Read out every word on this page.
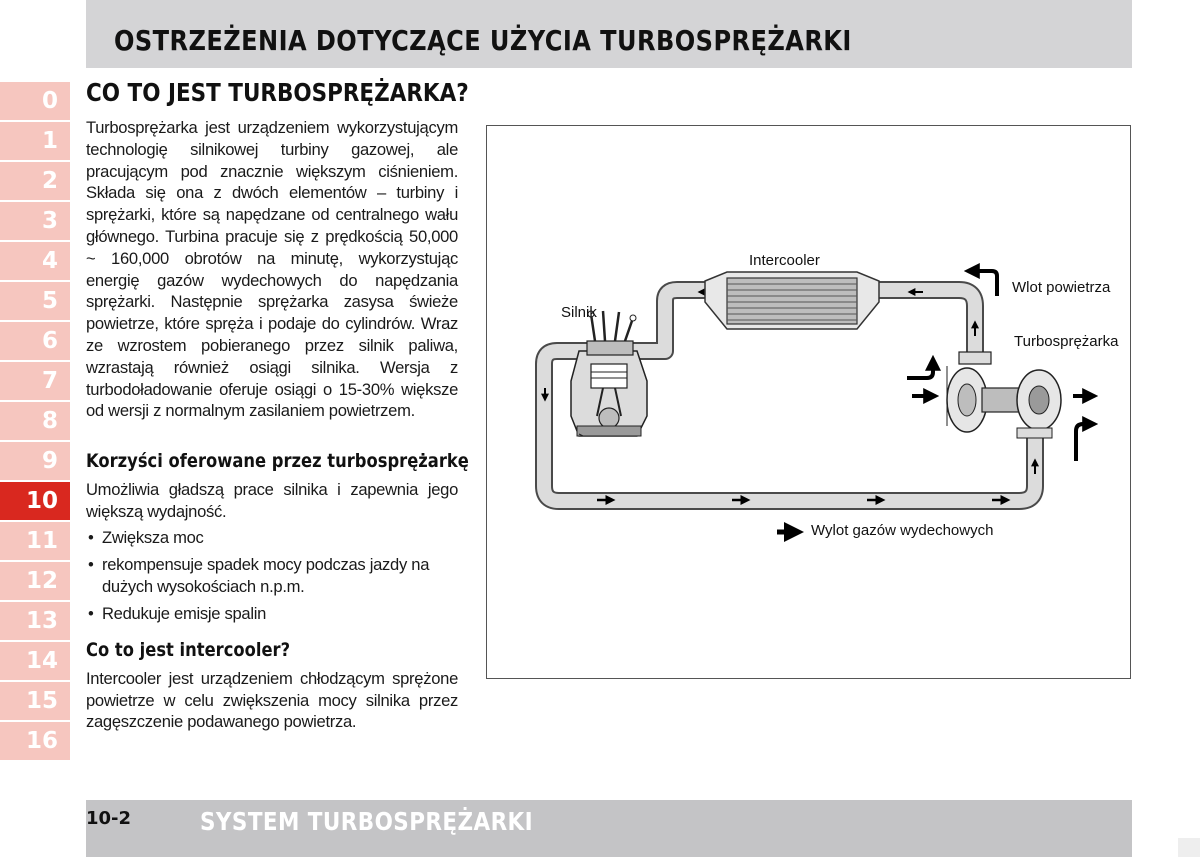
OSTRZEŻENIA DOTYCZĄCE UŻYCIA TURBOSPRĘŻARKI
0
1
2
3
4
5
6
7
8
9
10
11
12
13
14
15
16
CO TO JEST TURBOSPRĘŻARKA?

Turbosprężarka jest urządzeniem wykorzystującym technologię silnikowej turbiny gazowej, ale pracującym pod znacznie większym ciśnieniem. Składa się ona z dwóch elementów – turbiny i sprężarki, które są napędzane od centralnego wału głównego. Turbina pracuje się z prędkością 50,000 ~ 160,000 obrotów na minutę, wykorzystując energię gazów wydechowych do napędzania sprężarki. Następnie sprężarka zasysa świeże powietrze, które spręża i podaje do cylindrów. Wraz ze wzrostem pobieranego przez silnik paliwa, wzrastają również osiągi silnika. Wersja z turbodoładowanie oferuje osiągi o 15-30% większe od wersji z normalnym zasilaniem powietrzem.

Korzyści oferowane przez turbosprężarkę

Umożliwia gładszą prace silnika i zapewnia jego większą wydajność.

• Zwiększa moc
• rekompensuje spadek mocy podczas jazdy na dużych wysokościach n.p.m.
• Redukuje emisje spalin
Co to jest intercooler?

Intercooler jest urządzeniem chłodzącym sprężone powietrze w celu zwiększenia mocy silnika przez zagęszczenie podawanego powietrza.

Intercooler
Silnik
Wlot powietrza
Turbosprężarka
Wylot gazów wydechowych
10-2	SYSTEM TURBOSPRĘŻARKI
